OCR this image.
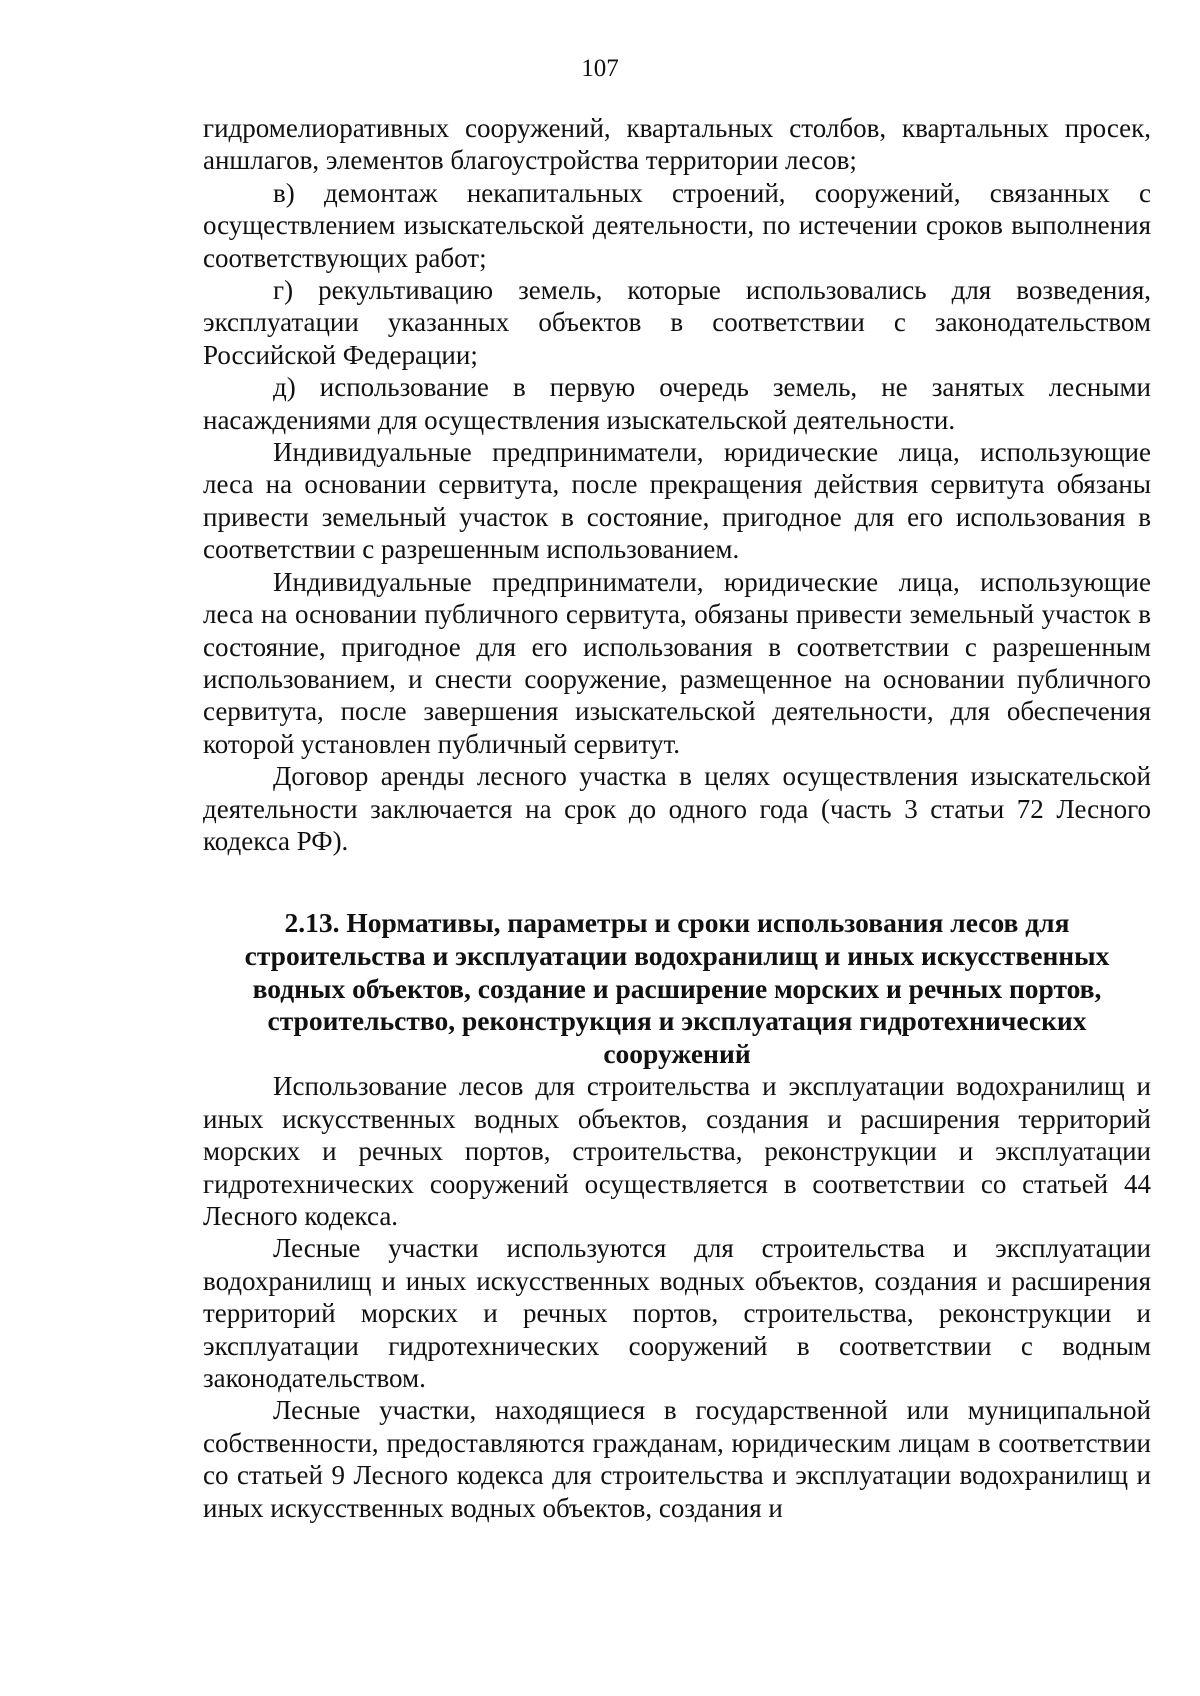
107

гидромелиоративных сооружений, квартальных столбов, квартальных просек, аншлагов, элементов благоустройства территории лесов;

в) демонтаж некапитальных строений, сооружений, связанных с осуществлением изыскательской деятельности, по истечении сроков выполнения соответствующих работ;

г) рекультивацию земель, которые использовались для возведения, эксплуатации указанных объектов в соответствии с законодательством Российской Федерации;

д) использование в первую очередь земель, не занятых лесными насаждениями для осуществления изыскательской деятельности.

Индивидуальные предприниматели, юридические лица, использующие леса на основании сервитута, после прекращения действия сервитута обязаны привести земельный участок в состояние, пригодное для его использования в соответствии с разрешенным использованием.

Индивидуальные предприниматели, юридические лица, использующие леса на основании публичного сервитута, обязаны привести земельный участок в состояние, пригодное для его использования в соответствии с разрешенным использованием, и снести сооружение, размещенное на основании публичного сервитута, после завершения изыскательской деятельности, для обеспечения которой установлен публичный сервитут.

Договор аренды лесного участка в целях осуществления изыскательской деятельности заключается на срок до одного года (часть 3 статьи 72 Лесного кодекса РФ).

2.13. Нормативы, параметры и сроки использования лесов для строительства и эксплуатации водохранилищ и иных искусственных водных объектов, создание и расширение морских и речных портов, строительство, реконструкция и эксплуатация гидротехнических сооружений

Использование лесов для строительства и эксплуатации водохранилищ и иных искусственных водных объектов, создания и расширения территорий морских и речных портов, строительства, реконструкции и эксплуатации гидротехнических сооружений осуществляется в соответствии со статьей 44 Лесного кодекса.

Лесные участки используются для строительства и эксплуатации водохранилищ и иных искусственных водных объектов, создания и расширения территорий морских и речных портов, строительства, реконструкции и эксплуатации гидротехнических сооружений в соответствии с водным законодательством.

Лесные участки, находящиеся в государственной или муниципальной собственности, предоставляются гражданам, юридическим лицам в соответствии со статьей 9 Лесного кодекса для строительства и эксплуатации водохранилищ и иных искусственных водных объектов, создания и
